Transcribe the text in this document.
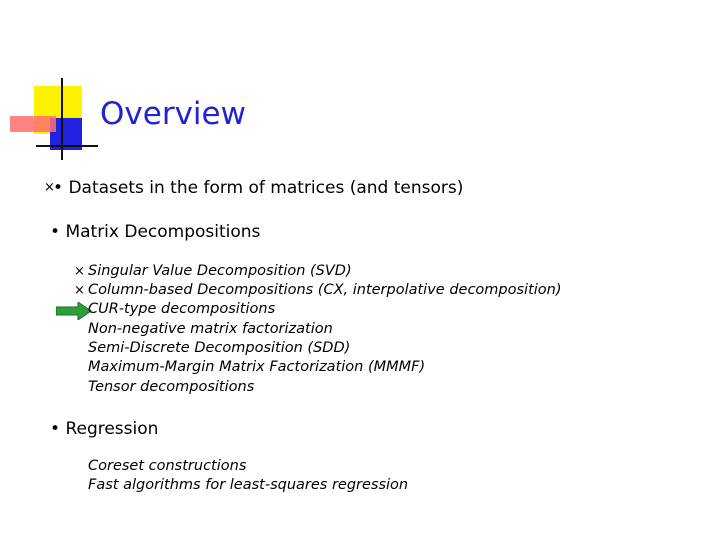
Overview
×
• Datasets in the form of matrices (and tensors)
• Matrix Decompositions
× Singular Value Decomposition (SVD)
× Column-based Decompositions (CX, interpolative decomposition)
CUR-type decompositions
Non-negative matrix factorization
Semi-Discrete Decomposition (SDD)
Maximum-Margin Matrix Factorization (MMMF)
Tensor decompositions
• Regression
Coreset constructions
Fast algorithms for least-squares regression
